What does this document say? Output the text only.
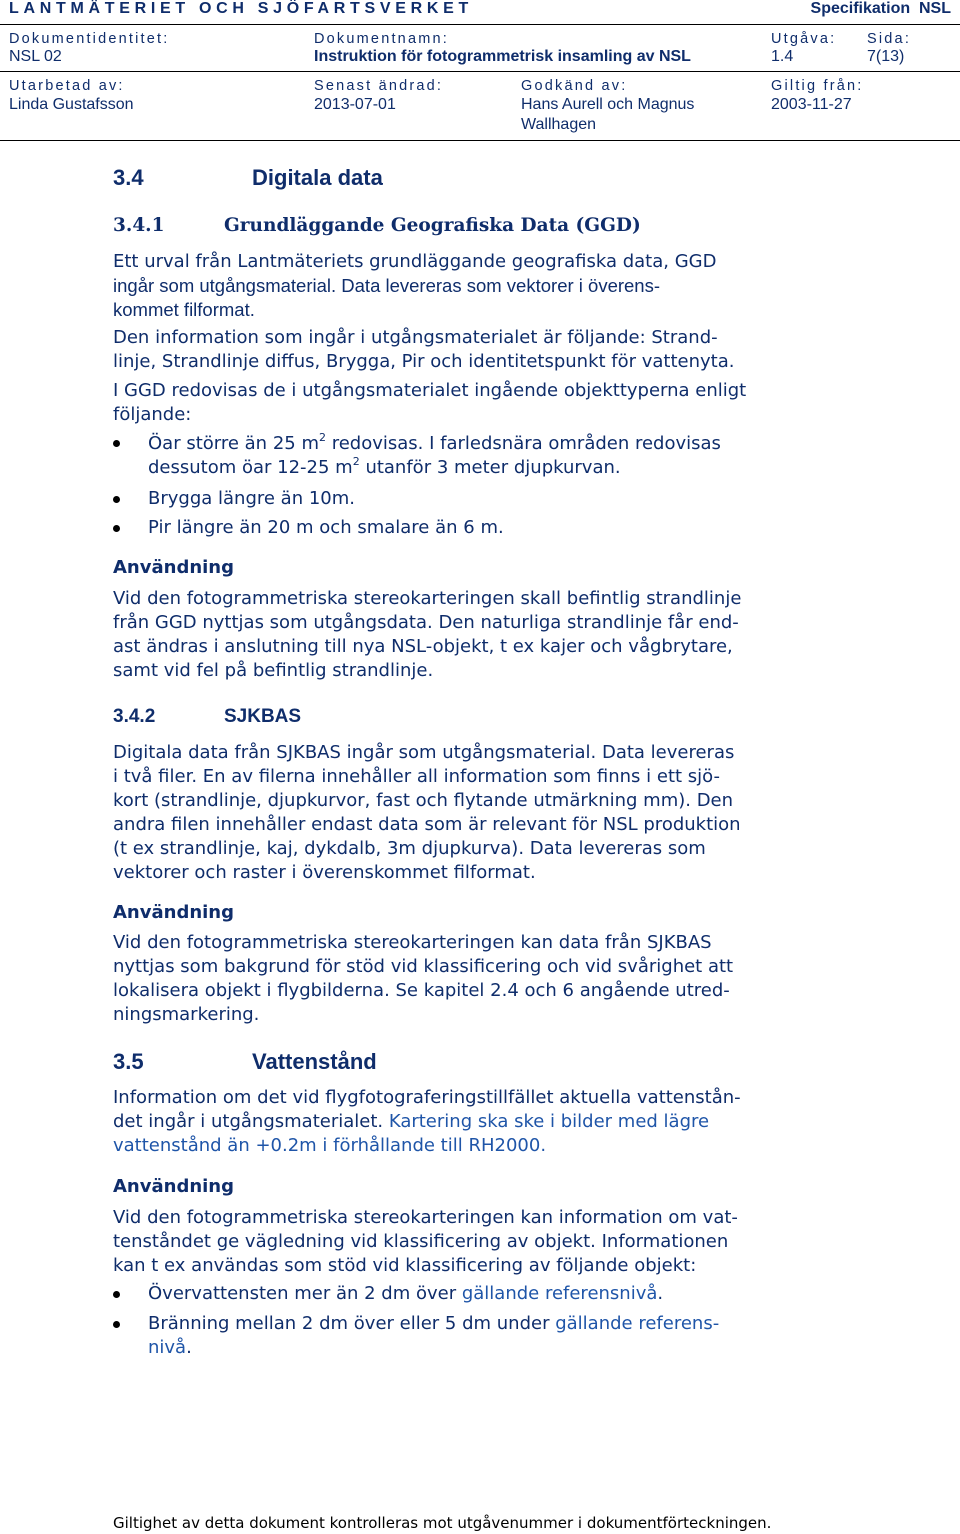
LANTMÄTERIET OCH SJÖFARTSVERKET	Specifikation NSL
Dokumentidentitet:
NSL 02
Dokumentnamn:
Instruktion för fotogrammetrisk insamling av NSL
Utgåva:
1.4
Sida:
7(13)
Utarbetad av:
Linda Gustafsson
Senast ändrad:
2013-07-01
Godkänd av:
Hans Aurell och Magnus
Wallhagen
Giltig från:
2003-11-27
3.4	Digitala data
3.4.1	Grundläggande Geografiska Data (GGD)
Ett urval från Lantmäteriets grundläggande geografiska data, GGD
ingår som utgångsmaterial. Data levereras som vektorer i överens-
kommet filformat.
Den information som ingår i utgångsmaterialet är följande: Strand-
linje, Strandlinje diffus, Brygga, Pir och identitetspunkt för vattenyta.
I GGD redovisas de i utgångsmaterialet ingående objekttyperna enligt
följande:
Öar större än 25 $m^2$ redovisas. I farledsnära områden redovisas
dessutom öar 12-25 $m^2$ utanför 3 meter djupkurvan.
Brygga längre än 10m.
Pir längre än 20 m och smalare än 6 m.
Användning
Vid den fotogrammetriska stereokarteringen skall befintlig strandlinje
från GGD nyttjas som utgångsdata. Den naturliga strandlinje får end-
ast ändras i anslutning till nya NSL-objekt, t ex kajer och vågbrytare,
samt vid fel på befintlig strandlinje.
3.4.2	SJKBAS
Digitala data från SJKBAS ingår som utgångsmaterial. Data levereras
i två filer. En av filerna innehåller all information som finns i ett sjö-
kort (strandlinje, djupkurvor, fast och flytande utmärkning mm). Den
andra filen innehåller endast data som är relevant för NSL produktion
(t ex strandlinje, kaj, dykdalb, 3m djupkurva). Data levereras som
vektorer och raster i överenskommet filformat.
Användning
Vid den fotogrammetriska stereokarteringen kan data från SJKBAS
nyttjas som bakgrund för stöd vid klassificering och vid svårighet att
lokalisera objekt i flygbilderna. Se kapitel 2.4 och 6 angående utred-
ningsmarkering.
3.5	Vattenstånd
Information om det vid flygfotograferingstillfället aktuella vattenstån-
det ingår i utgångsmaterialet. Kartering ska ske i bilder med lägre
vattenstånd än +0.2m i förhållande till RH2000.
Användning
Vid den fotogrammetriska stereokarteringen kan information om vat-
tenståndet ge vägledning vid klassificering av objekt. Informationen
kan t ex användas som stöd vid klassificering av följande objekt:
Övervattensten mer än 2 dm över gällande referensnivå.
Bränning mellan 2 dm över eller 5 dm under gällande referens-
nivå.
Giltighet av detta dokument kontrolleras mot utgåvenummer i dokumentförteckningen.
